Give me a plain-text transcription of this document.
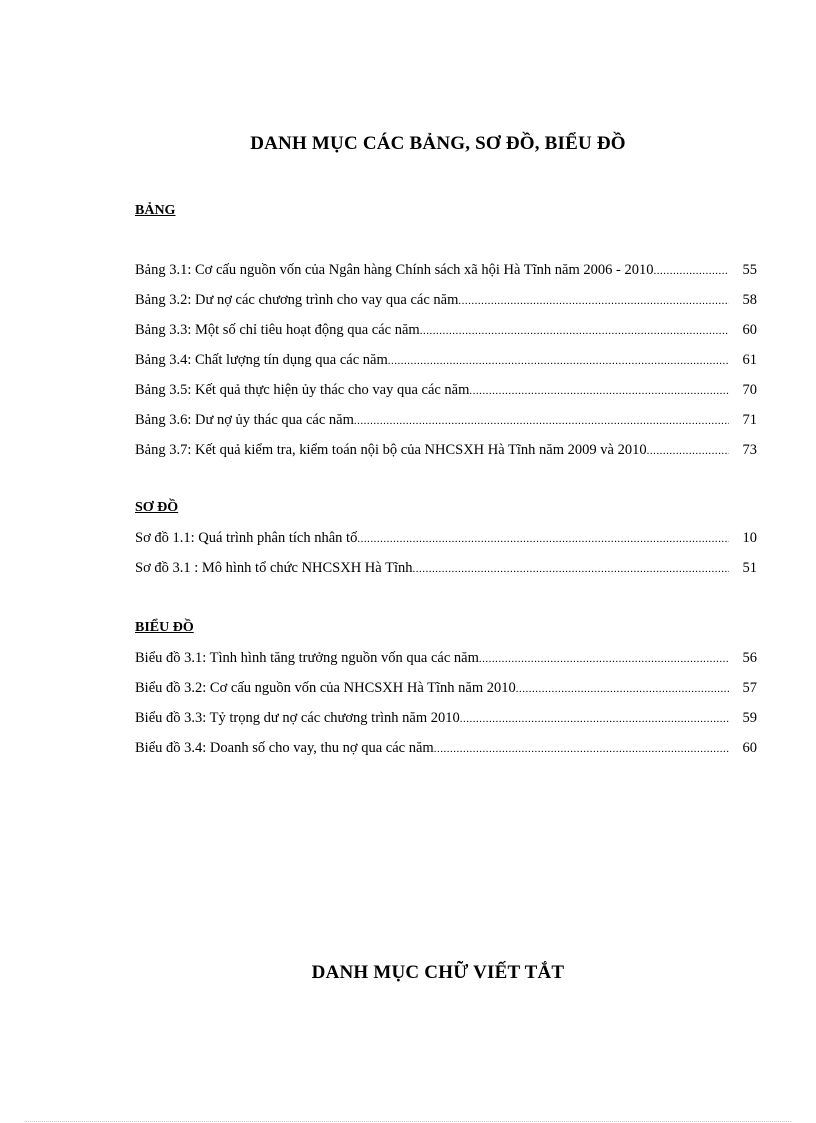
DANH MỤC CÁC BẢNG, SƠ ĐỒ, BIỂU ĐỒ
BẢNG
Bảng 3.1: Cơ cấu nguồn vốn của Ngân hàng Chính sách xã hội Hà Tĩnh năm 2006 - 2010 .....	55
Bảng 3.2: Dư nợ các chương trình cho vay qua các năm .....	58
Bảng 3.3: Một số chỉ tiêu hoạt động qua các năm .....	60
Bảng 3.4: Chất lượng tín dụng qua các năm .....	61
Bảng 3.5: Kết quả thực hiện ủy thác cho vay qua các năm .....	70
Bảng 3.6: Dư nợ ủy thác qua các năm .....	71
Bảng 3.7: Kết quả kiểm tra, kiểm toán nội bộ của NHCSXH Hà Tĩnh năm 2009 và 2010 .....	73
SƠ ĐỒ
Sơ đồ 1.1: Quá trình phân tích nhân tố .....	10
Sơ đồ 3.1 : Mô hình tổ chức NHCSXH Hà Tĩnh .....	51
BIỂU ĐỒ
Biểu đồ 3.1: Tình hình tăng trưởng nguồn vốn qua các năm .....	56
Biểu đồ 3.2: Cơ cấu nguồn vốn của NHCSXH Hà Tĩnh năm 2010 .....	57
Biểu đồ 3.3: Tỷ trọng dư nợ các chương trình năm 2010 .....	59
Biểu đồ 3.4: Doanh số cho vay, thu nợ qua các năm .....	60
DANH MỤC CHỮ VIẾT TẮT
